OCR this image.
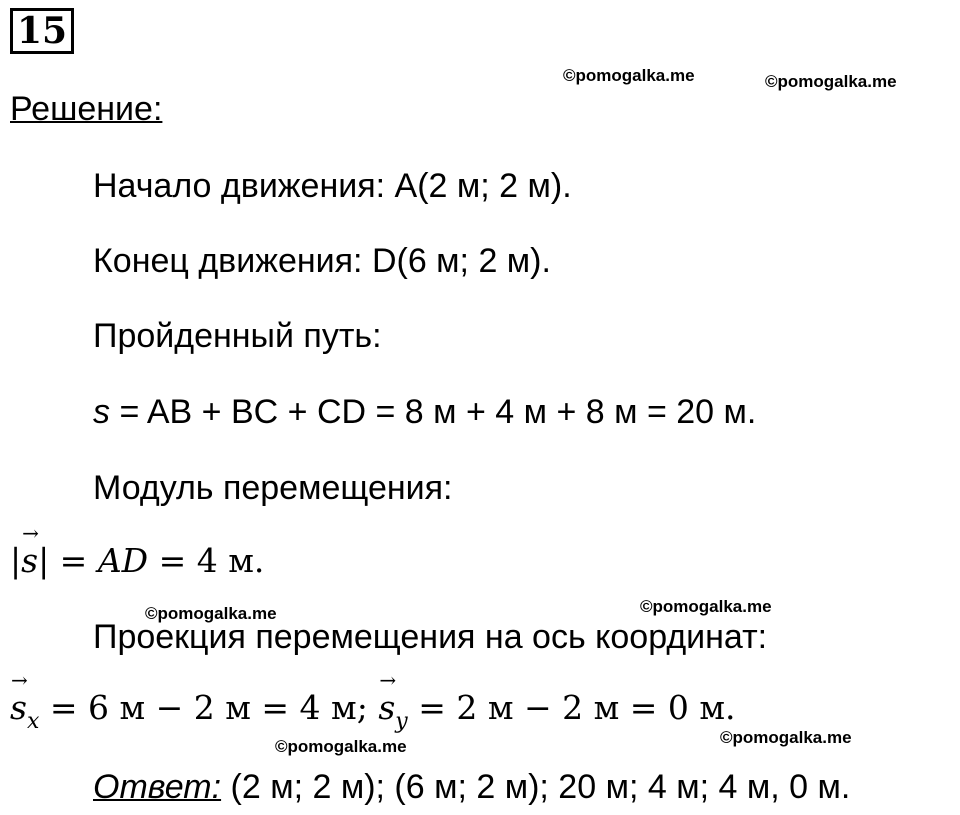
15
©pomogalka.me	©pomogalka.me
Решение:
Начало движения: A(2 м; 2 м).
Конец движения: D(6 м; 2 м).
Пройденный путь:
s = AB + BC + CD = 8 м + 4 м + 8 м = 20 м.
Модуль перемещения:
|→ s| = AD = 4 м.
©pomogalka.me	©pomogalka.me
Проекция перемещения на ось координат:
→ $s_x = 6$ м − 2 м = 4 м; → $s_y = 2$ м − 2 м = 0 м.
©pomogalka.me	©pomogalka.me
Ответ: (2 м; 2 м); (6 м; 2 м); 20 м; 4 м; 4 м, 0 м.
